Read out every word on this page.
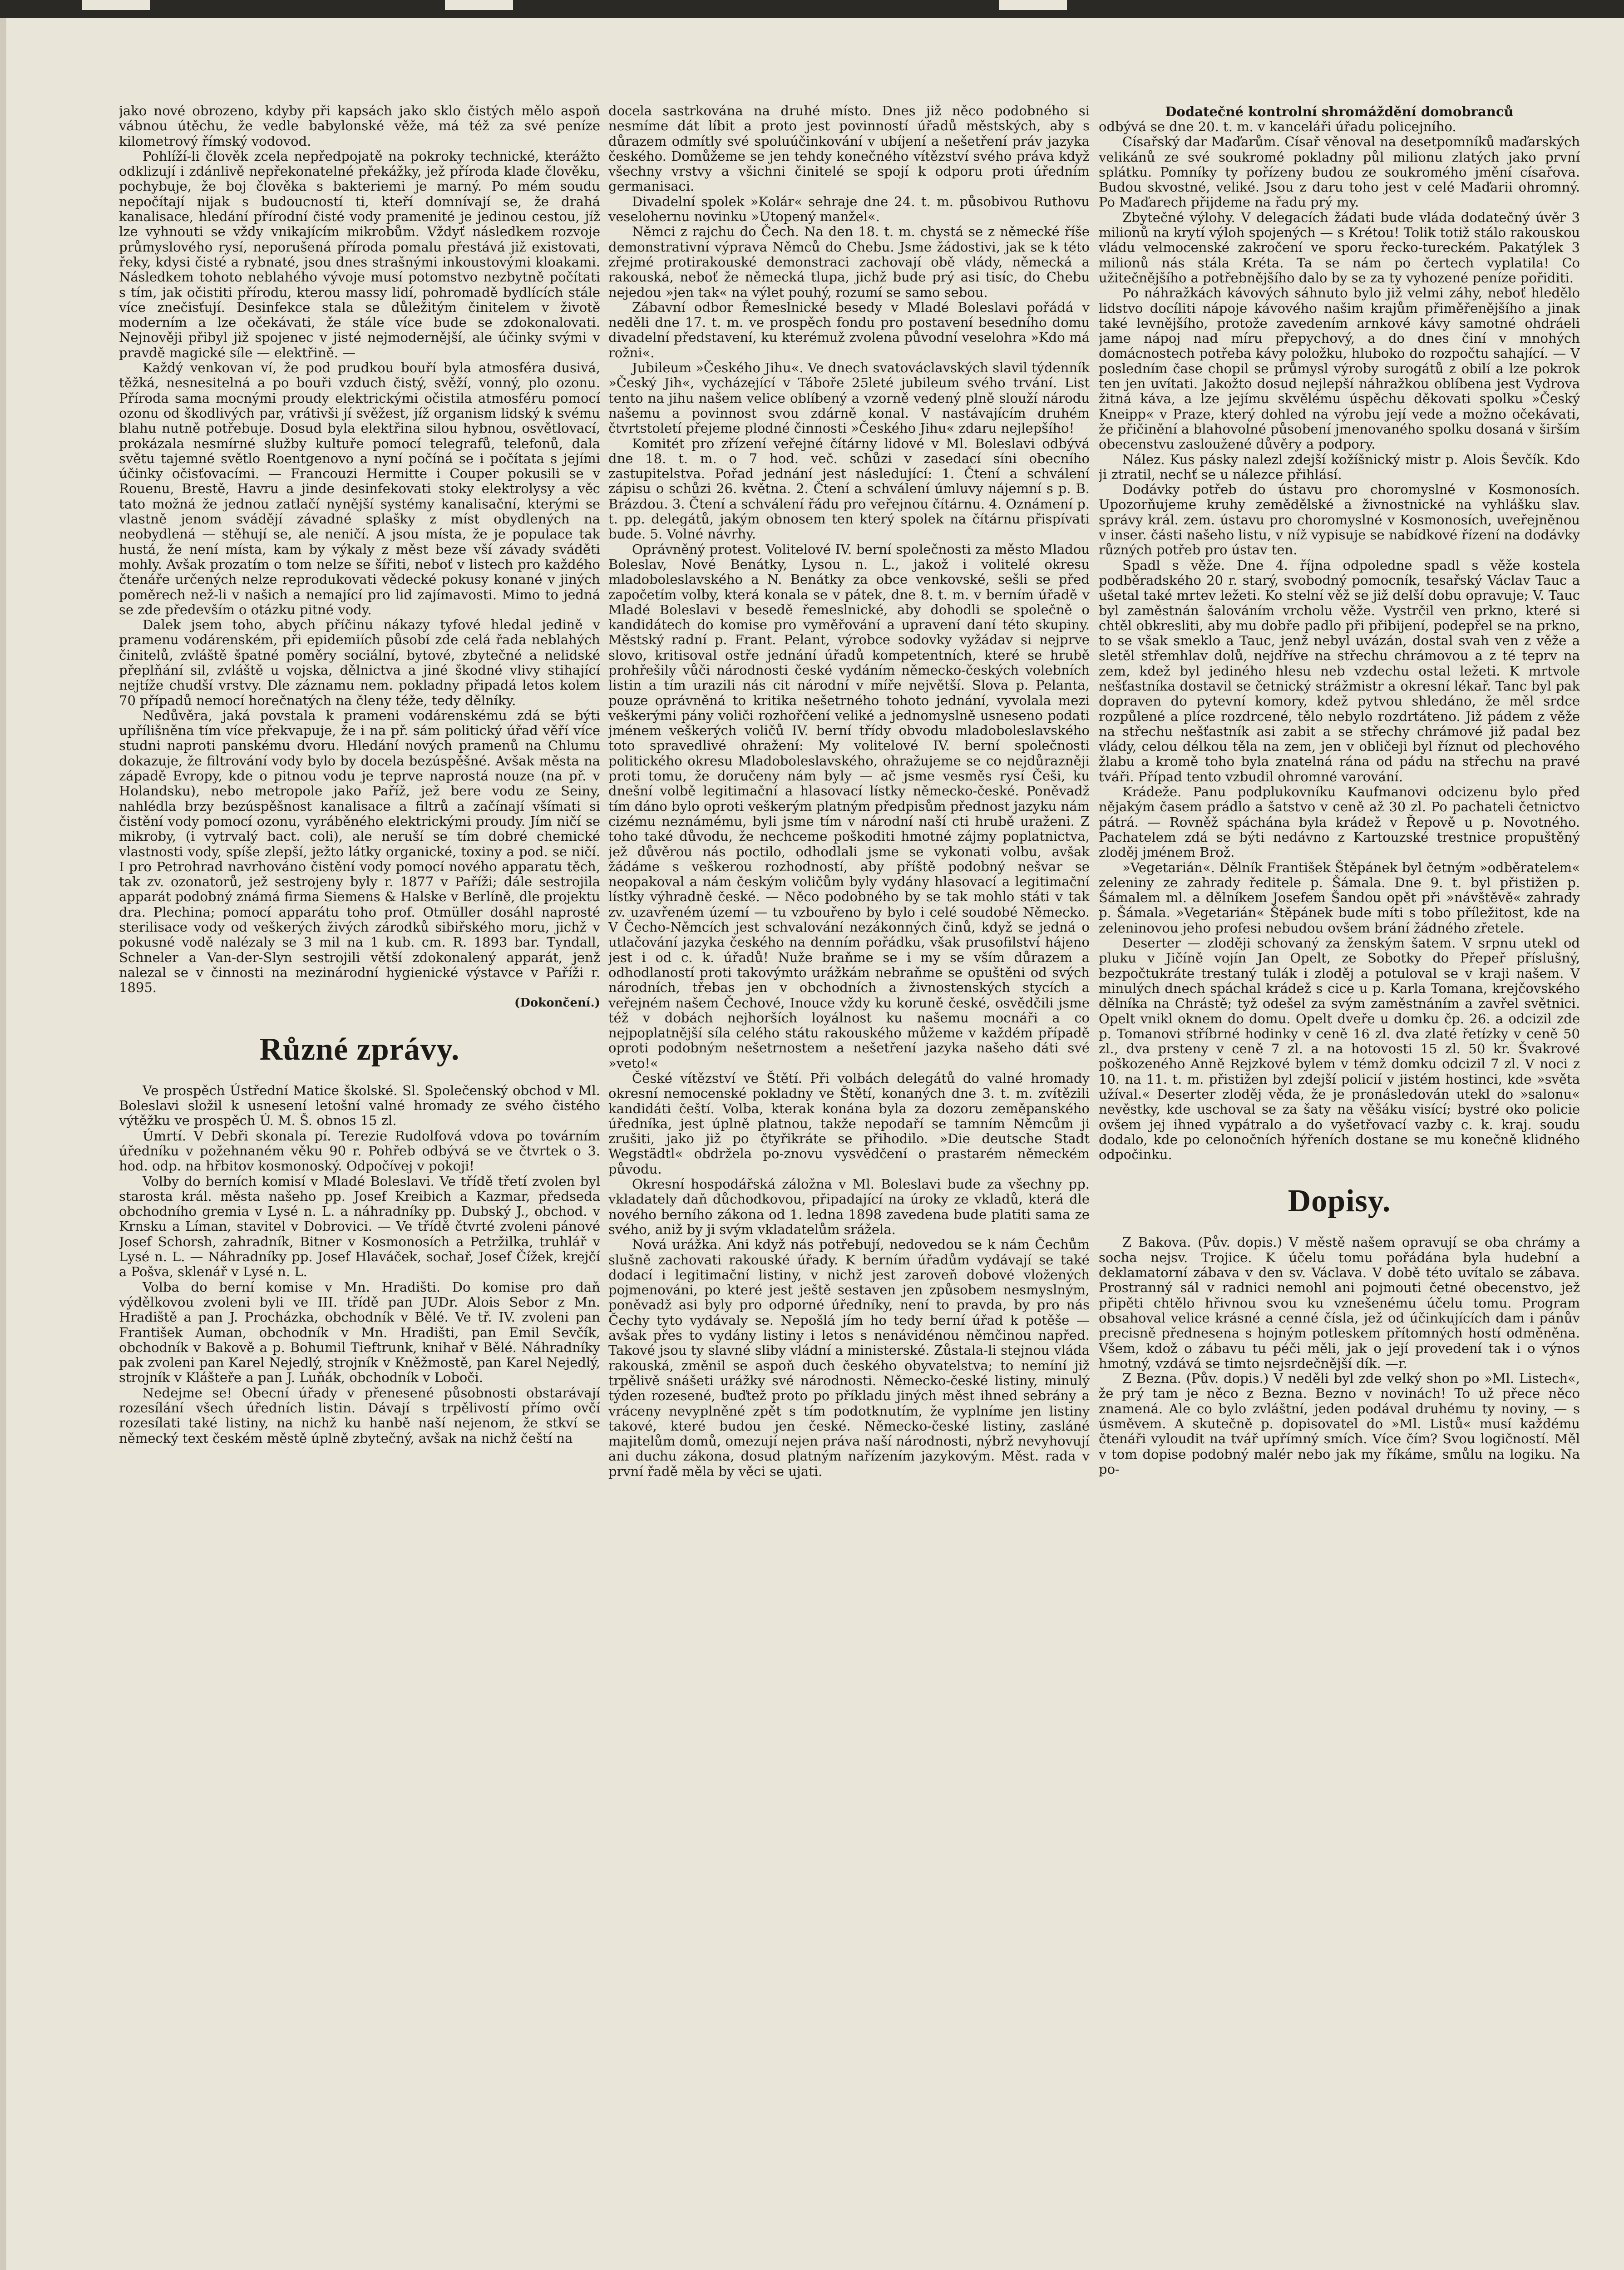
jako nové obrozeno, kdyby při kapsách jako sklo čistých mělo aspoň vábnou útěchu, že vedle babylonské věže, má též za své peníze kilometrový římský vodovod.

Pohlíží-li člověk zcela nepředpojatě na pokroky technické, kterážto odklizují i zdánlivě nepřekonatelné překážky, jež příroda klade člověku, pochybuje, že boj člověka s bakteriemi je marný. Po mém soudu nepočítají nijak s budoucností ti, kteří domnívají se, že drahá kanalisace, hledání přírodní čisté vody pramenité je jedinou cestou, jíž lze vyhnouti se vždy vnikajícím mikrobům. Vždyť následkem rozvoje průmyslového rysí, neporušená příroda pomalu přestává již existovati, řeky, kdysi čisté a rybnaté, jsou dnes strašnými inkoustovými kloakami. Následkem tohoto neblahého vývoje musí potomstvo nezbytně počítati s tím, jak očistiti přírodu, kterou massy lidí, pohromadě bydlících stále více znečisťují. Desinfekce stala se důležitým činitelem v životě moderním a lze očekávati, že stále více bude se zdokonalovati. Nejnověji přibyl již spojenec v jisté nejmodernější, ale účinky svými v pravdě magické síle — elektřině. —

Každý venkovan ví, že pod prudkou bouří byla atmosféra dusivá, těžká, nesnesitelná a po bouři vzduch čistý, svěží, vonný, plo ozonu. Příroda sama mocnými proudy elektrickými očistila atmosféru pomocí ozonu od škodlivých par, vrátivši jí svěžest, jíž organism lidský k svému blahu nutně potřebuje. Dosud byla elektřina silou hybnou, osvětlovací, prokázala nesmírné služby kultuře pomocí telegrafů, telefonů, dala světu tajemné světlo Roentgenovo a nyní počíná se i počítata s jejími účinky očisťovacími. — Francouzi Hermitte i Couper pokusili se v Rouenu, Brestě, Havru a jinde desinfekovati stoky elektrolysy a věc tato možná že jednou zatlačí nynější systémy kanalisační, kterými se vlastně jenom svádějí závadné splašky z míst obydlených na neobydlená — stěhují se, ale neničí. A jsou místa, že je populace tak hustá, že není místa, kam by výkaly z měst beze vší závady sváděti mohly. Avšak prozatím o tom nelze se šířiti, neboť v listech pro každého čtenáře určených nelze reprodukovati vědecké pokusy konané v jiných poměrech než-li v našich a nemající pro lid zajímavosti. Mimo to jedná se zde především o otázku pitné vody.

Dalek jsem toho, abych příčinu nákazy tyfové hledal jedině v pramenu vodárenském, při epidemiích působí zde celá řada neblahých činitelů, zvláště špatné poměry sociální, bytové, zbytečné a nelidské přeplňání sil, zvláště u vojska, dělnictva a jiné škodné vlivy stihající nejtíže chudší vrstvy. Dle záznamu nem. pokladny připadá letos kolem 70 případů nemocí horečnatých na členy téže, tedy dělníky.

Nedůvěra, jaká povstala k prameni vodárenskému zdá se býti upřílišněna tím více překvapuje, že i na př. sám politický úřad věří více studni naproti panskému dvoru. Hledání nových pramenů na Chlumu dokazuje, že filtrování vody bylo by docela bezúspěšné. Avšak města na západě Evropy, kde o pitnou vodu je teprve naprostá nouze (na př. v Holandsku), nebo metropole jako Paříž, jež bere vodu ze Seiny, nahlédla brzy bezúspěšnost kanalisace a filtrů a začínají všímati si čistění vody pomocí ozonu, vyráběného elektrickými proudy. Jím ničí se mikroby, (i vytrvalý bact. coli), ale neruší se tím dobré chemické vlastnosti vody, spíše zlepší, ježto látky organické, toxiny a pod. se ničí. I pro Petrohrad navrhováno čistění vody pomocí nového apparatu těch, tak zv. ozonatorů, jež sestrojeny byly r. 1877 v Paříži; dále sestrojila apparát podobný známá firma Siemens & Halske v Berlíně, dle projektu dra. Plechina; pomocí apparátu toho prof. Otmüller dosáhl naprosté sterilisace vody od veškerých živých zárodků sibiřského moru, jichž v pokusné vodě nalézaly se 3 mil na 1 kub. cm. R. 1893 bar. Tyndall, Schneler a Van-der-Slyn sestrojili větší zdokonalený apparát, jenž nalezal se v činnosti na mezinárodní hygienické výstavce v Paříži r. 1895.

(Dokončení.)

Různé zprávy.

Ve prospěch Ústřední Matice školské. Sl. Společenský obchod v Ml. Boleslavi složil k usnesení letošní valné hromady ze svého čistého výtěžku ve prospěch Ú. M. Š. obnos 15 zl.

Úmrtí. V Debři skonala pí. Terezie Rudolfová vdova po továrním úředníku v požehnaném věku 90 r. Pohřeb odbývá se ve čtvrtek o 3. hod. odp. na hřbitov kosmonoský. Odpočívej v pokoji!

Volby do berních komisí v Mladé Boleslavi. Ve třídě třetí zvolen byl starosta král. města našeho pp. Josef Kreibich a Kazmar, předseda obchodního gremia v Lysé n. L. a náhradníky pp. Dubský J., obchod. v Krnsku a Líman, stavitel v Dobrovici. — Ve třídě čtvrté zvoleni pánové Josef Schorsh, zahradník, Bitner v Kosmonosích a Petržilka, truhlář v Lysé n. L. — Náhradníky pp. Josef Hlaváček, sochař, Josef Čížek, krejčí a Pošva, sklenář v Lysé n. L.

Volba do berní komise v Mn. Hradišti. Do komise pro daň výdělkovou zvoleni byli ve III. třídě pan JUDr. Alois Sebor z Mn. Hradiště a pan J. Procházka, obchodník v Bělé. Ve tř. IV. zvoleni pan František Auman, obchodník v Mn. Hradišti, pan Emil Sevčík, obchodník v Bakově a p. Bohumil Tieftrunk, knihař v Bělé. Náhradníky pak zvoleni pan Karel Nejedlý, strojník v Kněžmostě, pan Karel Nejedlý, strojník v Klášteře a pan J. Luňák, obchodník v Loboči.

Nedejme se! Obecní úřady v přenesené působnosti obstarávají rozesílání všech úředních listin. Dávají s trpělivostí přímo ovčí rozesílati také listiny, na nichž ku hanbě naší nejenom, že stkví se německý text českém městě úplně zbytečný, avšak na nichž čeští na

docela sastrkována na druhé místo. Dnes již něco podobného si nesmíme dát líbit a proto jest povinností úřadů městských, aby s důrazem odmítly své spoluúčinkování v ubíjení a nešetření práv jazyka českého. Domůžeme se jen tehdy konečného vítězství svého práva když všechny vrstvy a všichni činitelé se spojí k odporu proti úředním germanisaci.

Divadelní spolek »Kolár« sehraje dne 24. t. m. působivou Ruthovu veselohernu novinku »Utopený manžel«.

Němci z rajchu do Čech. Na den 18. t. m. chystá se z německé říše demonstrativní výprava Němců do Chebu. Jsme žádostivi, jak se k této zřejmé protirakouské demonstraci zachovají obě vlády, německá a rakouská, neboť že německá tlupa, jichž bude prý asi tisíc, do Chebu nejedou »jen tak« na výlet pouhý, rozumí se samo sebou.

Zábavní odbor Řemeslnické besedy v Mladé Boleslavi pořádá v neděli dne 17. t. m. ve prospěch fondu pro postavení besedního domu divadelní představení, ku kterémuž zvolena původní veselohra »Kdo má rožni«.

Jubileum »Českého Jihu«. Ve dnech svatováclavských slavil týdenník »Český Jih«, vycházející v Táboře 25leté jubileum svého trvání. List tento na jihu našem velice oblíbený a vzorně vedený plně slouží národu našemu a povinnost svou zdárně konal. V nastávajícím druhém čtvrtstoletí přejeme plodné činnosti »Českého Jihu« zdaru nejlepšího!

Komitét pro zřízení veřejné čítárny lidové v Ml. Boleslavi odbývá dne 18. t. m. o 7 hod. več. schůzi v zasedací síni obecního zastupitelstva. Pořad jednání jest následující: 1. Čtení a schválení zápisu o schůzi 26. května. 2. Čtení a schválení úmluvy nájemní s p. B. Brázdou. 3. Čtení a schválení řádu pro veřejnou čítárnu. 4. Oznámení p. t. pp. delegátů, jakým obnosem ten který spolek na čítárnu přispívati bude. 5. Volné návrhy.

Oprávněný protest. Volitelové IV. berní společnosti za město Mladou Boleslav, Nové Benátky, Lysou n. L., jakož i volitelé okresu mladoboleslavského a N. Benátky za obce venkovské, sešli se před započetím volby, která konala se v pátek, dne 8. t. m. v berním úřadě v Mladé Boleslavi v besedě řemeslnické, aby dohodli se společně o kandidátech do komise pro vyměřování a upravení daní této skupiny. Městský radní p. Frant. Pelant, výrobce sodovky vyžádav si nejprve slovo, kritisoval ostře jednání úřadů kompetentních, které se hrubě prohřešily vůči národnosti české vydáním německo-českých volebních listin a tím urazili nás cit národní v míře největší. Slova p. Pelanta, pouze oprávněná to kritika nešetrného tohoto jednání, vyvolala mezi veškerými pány voliči rozhořčení veliké a jednomyslně usneseno podati jménem veškerých voličů IV. berní třídy obvodu mladoboleslavského toto spravedlivé ohražení: My volitelové IV. berní společnosti politického okresu Mladoboleslavského, ohražujeme se co nejdůrazněji proti tomu, že doručeny nám byly — ač jsme vesměs rysí Češi, ku dnešní volbě legitimační a hlasovací lístky německo-české. Poněvadž tím dáno bylo oproti veškerým platným předpisům přednost jazyku nám cizému neznámému, byli jsme tím v národní naší cti hrubě uraženi. Z toho také důvodu, že nechceme poškoditi hmotné zájmy poplatnictva, jež důvěrou nás poctilo, odhodlali jsme se vykonati volbu, avšak žádáme s veškerou rozhodností, aby příště podobný nešvar se neopakoval a nám českým voličům byly vydány hlasovací a legitimační lístky výhradně české. — Něco podobného by se tak mohlo státi v tak zv. uzavřeném území — tu vzbouřeno by bylo i celé soudobé Německo. V Čecho-Němcích jest schvalování nezákonných činů, když se jedná o utlačování jazyka českého na denním pořádku, však prusofilství hájeno jest i od c. k. úřadů! Nuže braňme se i my se vším důrazem a odhodlaností proti takovýmto urážkám nebraňme se opuštěni od svých národních, třebas jen v obchodních a živnostenských stycích a veřejném našem Čechové, Inouce vždy ku koruně české, osvědčili jsme též v dobách nejhorších loyálnost ku našemu mocnáři a co nejpoplatnější síla celého státu rakouského můžeme v každém případě oproti podobným nešetrnostem a nešetření jazyka našeho dáti své »veto!«

České vítězství ve Štětí. Při volbách delegátů do valné hromady okresní nemocenské pokladny ve Štětí, konaných dne 3. t. m. zvítězili kandidáti čeští. Volba, kterak konána byla za dozoru zeměpanského úředníka, jest úplně platnou, takže nepodaří se tamním Němcům ji zrušiti, jako již po čtyřikráte se přihodilo. »Die deutsche Stadt Wegstädtl« obdržela po-znovu vysvědčení o prastarém německém původu.

Okresní hospodářská záložna v Ml. Boleslavi bude za všechny pp. vkladately daň důchodkovou, připadající na úroky ze vkladů, která dle nového berního zákona od 1. ledna 1898 zavedena bude platiti sama ze svého, aniž by ji svým vkladatelům srážela.

Nová urážka. Ani když nás potřebují, nedovedou se k nám Čechům slušně zachovati rakouské úřady. K berním úřadům vydávají se také dodací i legitimační listiny, v nichž jest zaroveň dobové vložených pojmenováni, po které jest ještě sestaven jen způsobem nesmyslným, poněvadž asi byly pro odporné úředníky, není to pravda, by pro nás Čechy tyto vydávaly se. Nepošlá jím ho tedy berní úřad k potěše — avšak přes to vydány listiny i letos s nenávidénou němčinou napřed. Takové jsou ty slavné sliby vládní a ministerské. Zůstala-li stejnou vláda rakouská, změnil se aspoň duch českého obyvatelstva; to nemíní již trpělivě snášeti urážky své národnosti. Německo-české listiny, minulý týden rozesené, buďtež proto po příkladu jiných měst ihned sebrány a vráceny nevyplněné zpět s tím podotknutím, že vyplníme jen listiny takové, které budou jen české. Německo-české listiny, zasláné majitelům domů, omezují nejen práva naší národnosti, nýbrž nevyhovují ani duchu zákona, dosud platným nařízením jazykovým. Měst. rada v první řadě měla by věci se ujati.

Dodatečné kontrolní shromáždění domobranců

odbývá se dne 20. t. m. v kanceláři úřadu policejního.

Císařský dar Maďarům. Císař věnoval na desetpomníků maďarských velikánů ze své soukromé pokladny půl milionu zlatých jako první splátku. Pomníky ty pořízeny budou ze soukromého jmění císařova. Budou skvostné, veliké. Jsou z daru toho jest v celé Maďarii ohromný. Po Maďarech přijdeme na řadu prý my.

Zbytečné výlohy. V delegacích žádati bude vláda dodatečný úvěr 3 milionů na krytí výloh spojených — s Krétou! Tolik totiž stálo rakouskou vládu velmocenské zakročení ve sporu řecko-tureckém. Pakatýlek 3 milionů nás stála Kréta. Ta se nám po čertech vyplatila! Co užitečnějšího a potřebnějšího dalo by se za ty vyhozené peníze pořiditi.

Po náhražkách kávových sáhnuto bylo již velmi záhy, neboť hledělo lidstvo docíliti nápoje kávového našim krajům přiměřenějšího a jinak také levnějšího, protože zavedením arnkové kávy samotné ohdráeli jame nápoj nad míru přepychový, a do dnes činí v mnohých domácnostech potřeba kávy položku, hluboko do rozpočtu sahající. — V posledním čase chopil se průmysl výroby surogátů z obilí a lze pokrok ten jen uvítati. Jakožto dosud nejlepší náhražkou oblíbena jest Vydrova žitná káva, a lze jejímu skvělému úspěchu děkovati spolku »Český Kneipp« v Praze, který dohled na výrobu její vede a možno očekávati, že přičinění a blahovolné působení jmenovaného spolku dosaná v širším obecenstvu zasloužené důvěry a podpory.

Nález. Kus pásky nalezl zdejší kožíšnický mistr p. Alois Ševčík. Kdo ji ztratil, nechť se u nálezce přihlásí.

Dodávky potřeb do ústavu pro choromyslné v Kosmonosích. Upozorňujeme kruhy zemědělské a živnostnické na vyhlášku slav. správy král. zem. ústavu pro choromyslné v Kosmonosích, uveřejněnou v inser. části našeho listu, v níž vypisuje se nabídkové řízení na dodávky různých potřeb pro ústav ten.

Spadl s věže. Dne 4. října odpoledne spadl s věže kostela podběradského 20 r. starý, svobodný pomocník, tesařský Václav Tauc a ušetal také mrtev ležeti. Ko stelní věž se již delší dobu opravuje; V. Tauc byl zaměstnán šalováním vrcholu věže. Vystrčil ven prkno, které si chtěl obkresliti, aby mu dobře padlo při přibijení, podepřel se na prkno, to se však smeklo a Tauc, jenž nebyl uvázán, dostal svah ven z věže a sletěl střemhlav dolů, nejdříve na střechu chrámovou a z té teprv na zem, kdež byl jediného hlesu neb vzdechu ostal ležeti. K mrtvole nešťastníka dostavil se četnický strážmistr a okresní lékař. Tanc byl pak dopraven do pytevní komory, kdež pytvou shledáno, že měl srdce rozpůlené a plíce rozdrcené, tělo nebylo rozdrtáteno. Již pádem z věže na střechu nešťastník asi zabit a se střechy chrámové již padal bez vlády, celou délkou těla na zem, jen v obličeji byl říznut od plechového žlabu a kromě toho byla znatelná rána od pádu na střechu na pravé tváři. Případ tento vzbudil ohromné varování.

Krádeže. Panu podplukovníku Kaufmanovi odcizenu bylo před nějakým časem prádlo a šatstvo v ceně až 30 zl. Po pachateli četnictvo pátrá. — Rovněž spáchána byla krádež v Řepově u p. Novotného. Pachatelem zdá se býti nedávno z Kartouzské trestnice propuštěný zloděj jménem Brož.

»Vegetarián«. Dělník František Štěpánek byl četným »odběratelem« zeleniny ze zahrady ředitele p. Šámala. Dne 9. t. byl přistižen p. Šámalem ml. a dělníkem Josefem Šandou opět při »návštěvě« zahrady p. Šámala. »Vegetarián« Štěpánek bude míti s tobo příležitost, kde na zeleninovou jeho profesi nebudou ovšem brání žádného zřetele.

Deserter — zloději schovaný za ženským šatem. V srpnu utekl od pluku v Jičíně vojín Jan Opelt, ze Sobotky do Přepeř příslušný, bezpočtukráte trestaný tulák i zloděj a potuloval se v kraji našem. V minulých dnech spáchal krádež s cice u p. Karla Tomana, krejčovského dělníka na Chrástě; tyž odešel za svým zaměstnáním a zavřel světnici. Opelt vnikl oknem do domu. Opelt dveře u domku čp. 26. a odcizil zde p. Tomanovi stříbrné hodinky v ceně 16 zl. dva zlaté řetízky v ceně 50 zl., dva prsteny v ceně 7 zl. a na hotovosti 15 zl. 50 kr. Švakrové poškozeného Anně Rejzkové bylem v témž domku odcizil 7 zl. V noci z 10. na 11. t. m. přistižen byl zdejší policií v jistém hostinci, kde »světa užíval.« Deserter zloděj věda, že je pronásledován utekl do »salonu« nevěstky, kde uschoval se za šaty na věšáku visící; bystré oko policie ovšem jej ihned vypátralo a do vyšetřovací vazby c. k. kraj. soudu dodalo, kde po celonočních hýřeních dostane se mu konečně klidného odpočinku.

Dopisy.

Z Bakova. (Pův. dopis.) V městě našem opravují se oba chrámy a socha nejsv. Trojice. K účelu tomu pořádána byla hudební a deklamatorní zábava v den sv. Václava. V době této uvítalo se zábava. Prostranný sál v radnici nemohl ani pojmouti četné obecenstvo, jež připěti chtělo hřivnou svou ku vznešenému účelu tomu. Program obsahoval velice krásné a cenné čísla, jež od účinkujících dam i pánův precisně přednesena s hojným potleskem přítomných hostí odměněna. Všem, kdož o zábavu tu péči měli, jak o její provedení tak i o výnos hmotný, vzdává se timto nejsrdečnější dík. —r.

Z Bezna. (Pův. dopis.) V neděli byl zde velký shon po »Ml. Listech«, že prý tam je něco z Bezna. Bezno v novinách! To už přece něco znamená. Ale co bylo zvláštní, jeden podával druhému ty noviny, — s úsměvem. A skutečně p. dopisovatel do »Ml. Listů« musí každému čtenáři vyloudit na tvář upřímný smích. Více čím? Svou logičností. Měl v tom dopise podobný malér nebo jak my říkáme, smůlu na logiku. Na po-
